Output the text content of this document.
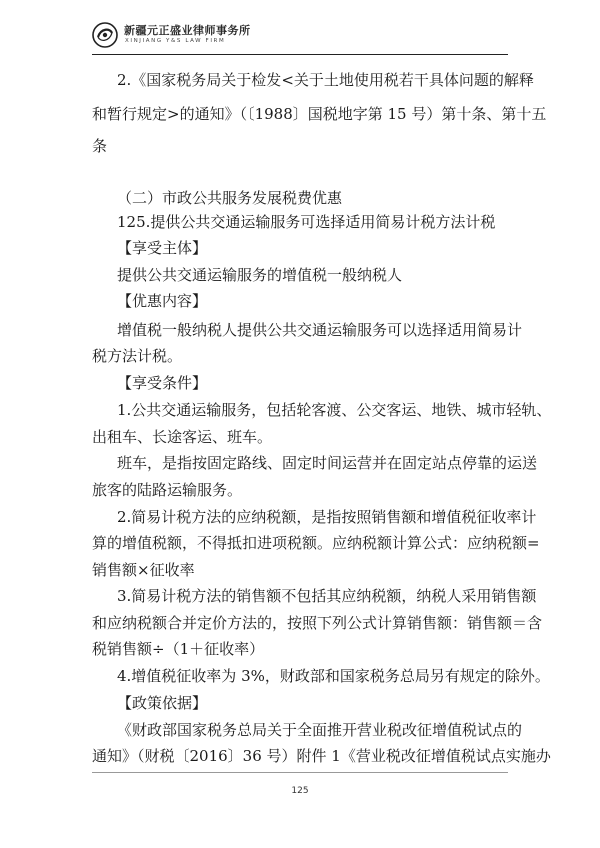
新疆元正盛业律师事务所
XINJIANG Y&S LAW FIRM
2.《国家税务局关于检发<关于土地使用税若干具体问题的解释
和暂行规定>的通知》（〔1988〕国税地字第 15 号）第十条、第十五
条
（二）市政公共服务发展税费优惠
125.提供公共交通运输服务可选择适用简易计税方法计税
【享受主体】
提供公共交通运输服务的增值税一般纳税人
【优惠内容】
增值税一般纳税人提供公共交通运输服务可以选择适用简易计
税方法计税。
【享受条件】
1.公共交通运输服务，包括轮客渡、公交客运、地铁、城市轻轨、
出租车、长途客运、班车。
班车，是指按固定路线、固定时间运营并在固定站点停靠的运送
旅客的陆路运输服务。
2.简易计税方法的应纳税额，是指按照销售额和增值税征收率计
算的增值税额，不得抵扣进项税额。应纳税额计算公式：应纳税额=
销售额×征收率
3.简易计税方法的销售额不包括其应纳税额，纳税人采用销售额
和应纳税额合并定价方法的，按照下列公式计算销售额：销售额＝含
税销售额÷（1＋征收率）
4.增值税征收率为 3%，财政部和国家税务总局另有规定的除外。
【政策依据】
《财政部国家税务总局关于全面推开营业税改征增值税试点的
通知》（财税〔2016〕36 号）附件 1《营业税改征增值税试点实施办
125
